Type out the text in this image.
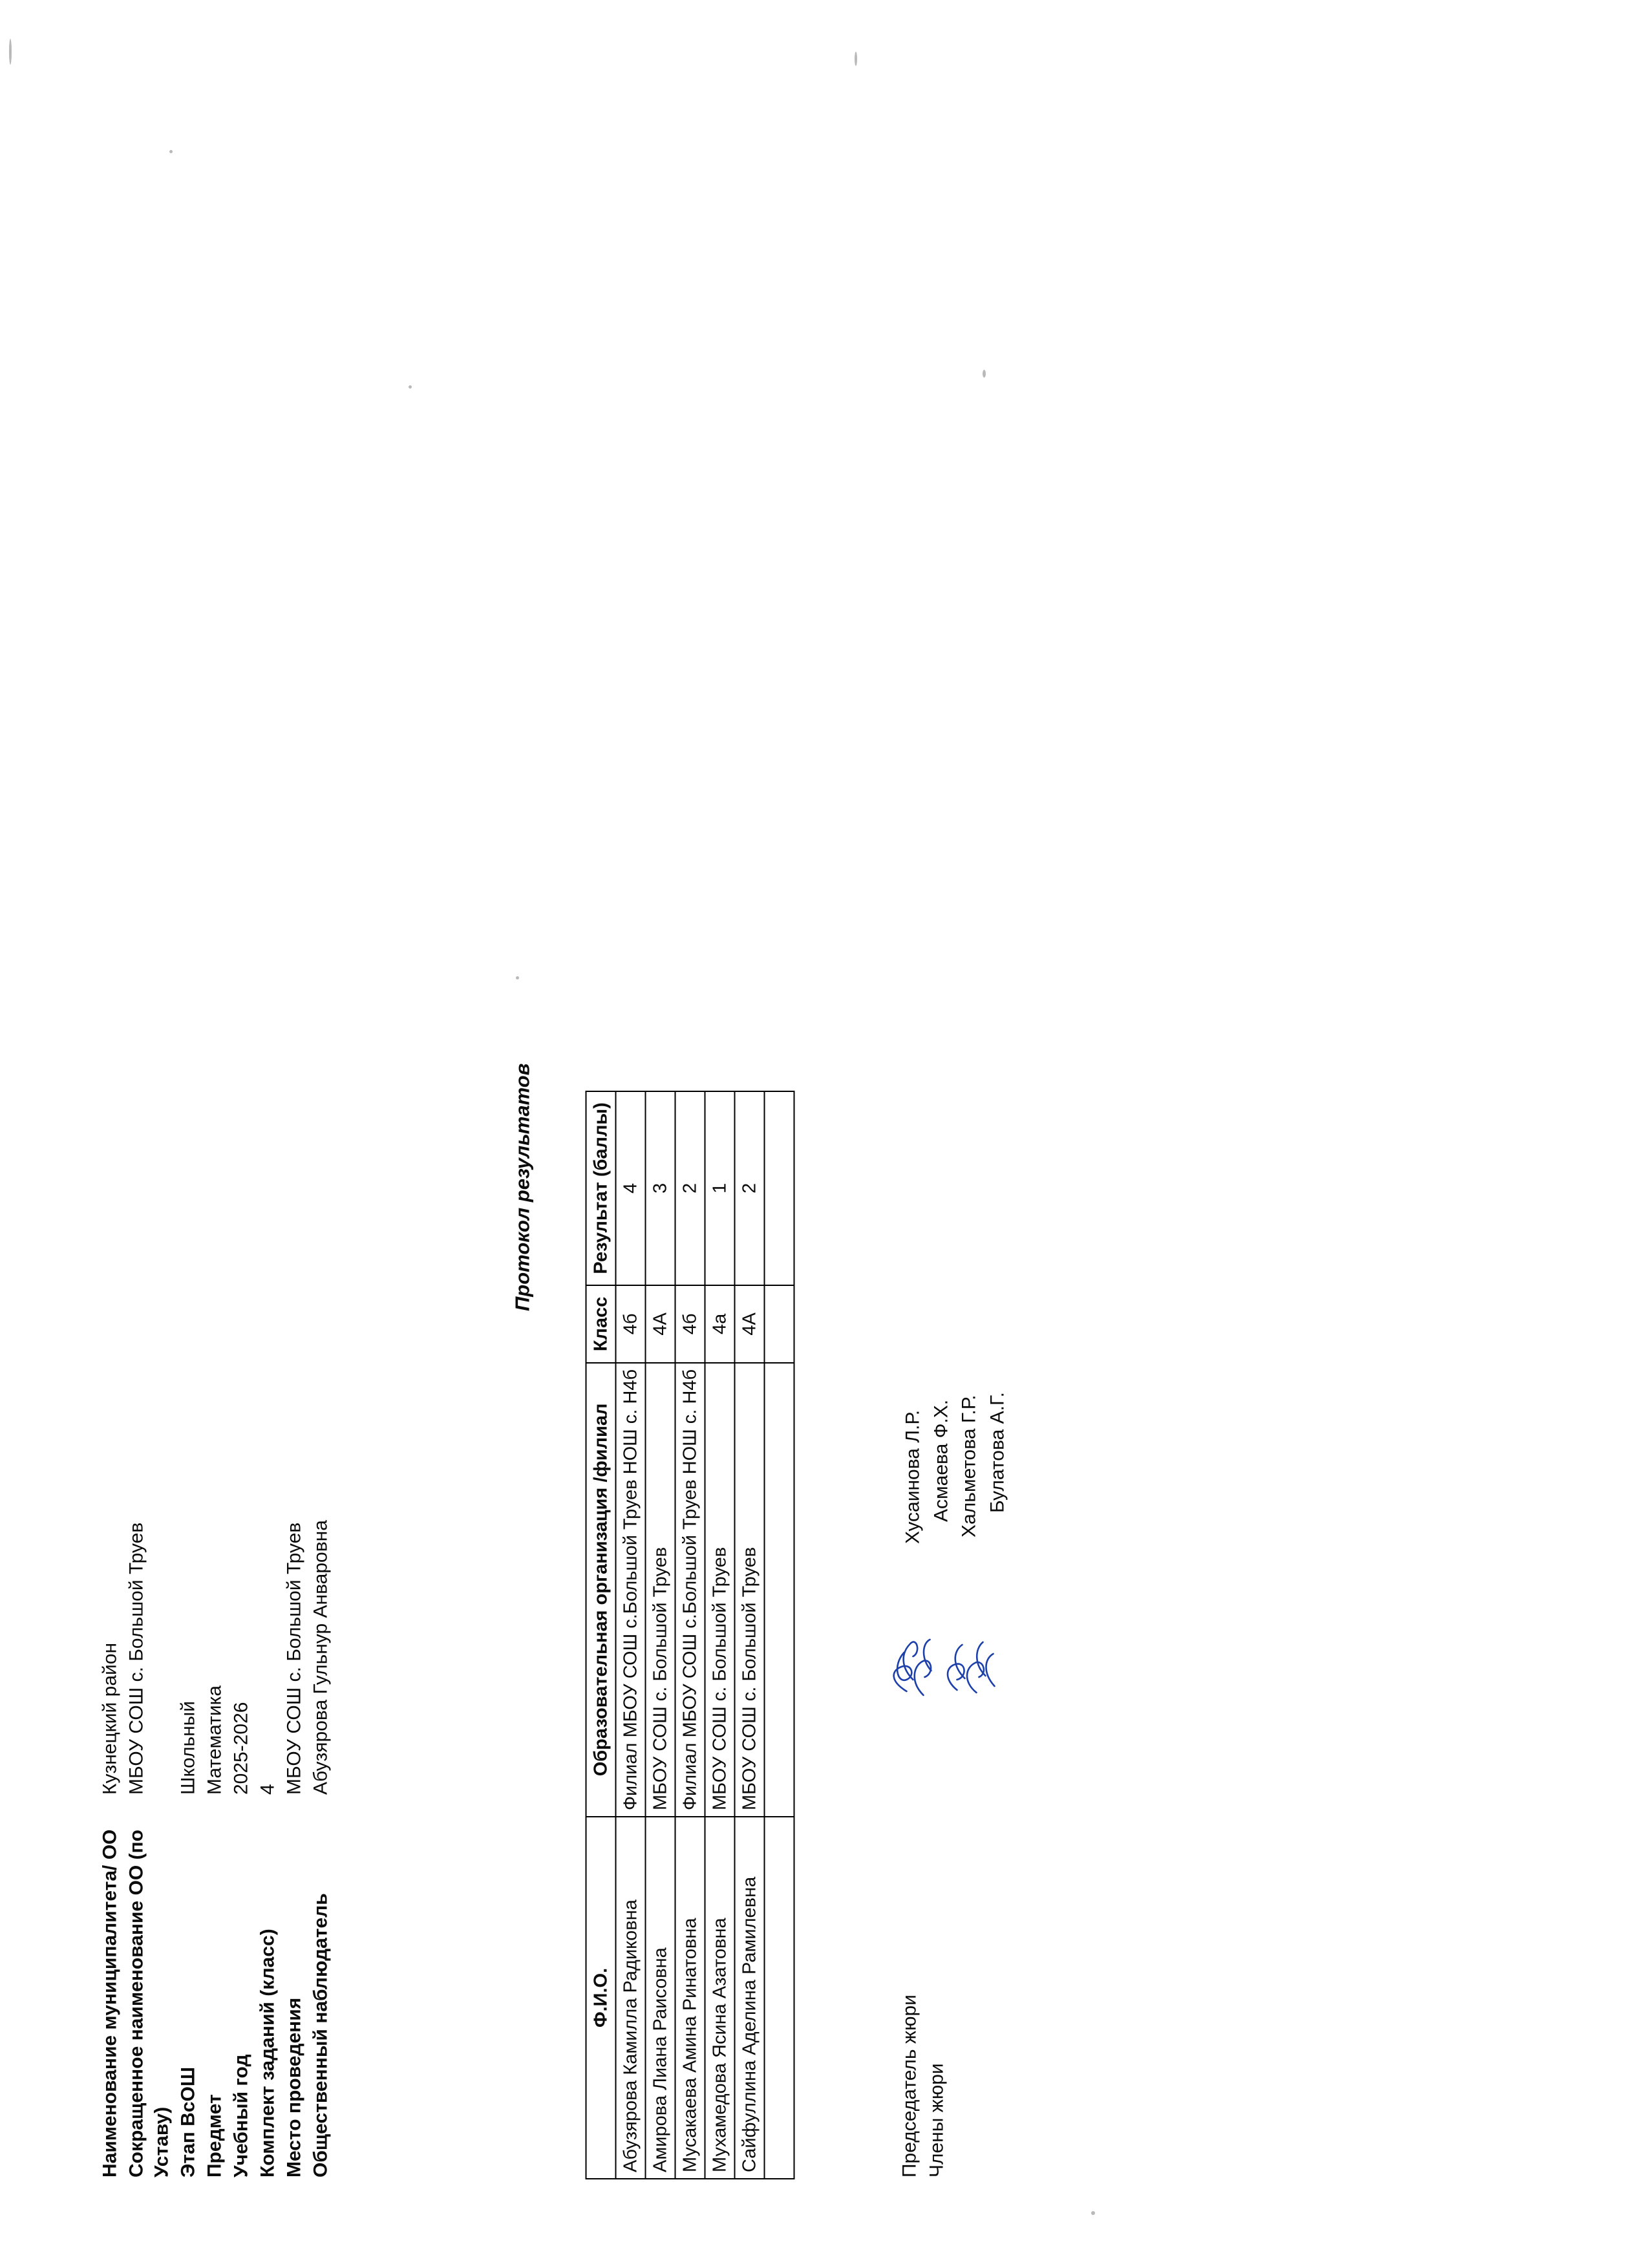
Наименование муниципалитета/ ОО
Кузнецкий район
Сокращенное наименование ОО (по Уставу)
МБОУ СОШ с. Большой Труев
Этап ВсОШ
Школьный
Предмет
Математика
Учебный год
2025-2026
Комплект заданий (класс)
4
Место проведения
МБОУ СОШ с. Большой Труев
Общественный наблюдатель
Абузярова Гульнур Анваровна
Протокол результатов
Ф.И.О.	Образовательная организация /филиал	Класс	Результат (баллы)
Абузярова Камилла Радиковна	Филиал МБОУ СОШ с.Большой Труев НОШ с. Н4б	4б	4
Амирова Лиана Раисовна	МБОУ СОШ с. Большой Труев	4А	3
Мусакаева Амина Ринатовна	Филиал МБОУ СОШ с.Большой Труев НОШ с. Н4б	4б	2
Мухамедова Ясина Азатовна	МБОУ СОШ с. Большой Труев	4а	1
Сайфуллина Аделина Рамилевна	МБОУ СОШ с. Большой Труев	4А	2

Председатель жюри Члены жюри
Хусаинова Л.Р. Асмаева Ф.Х. Хальметова Г.Р. Булатова А.Г.
